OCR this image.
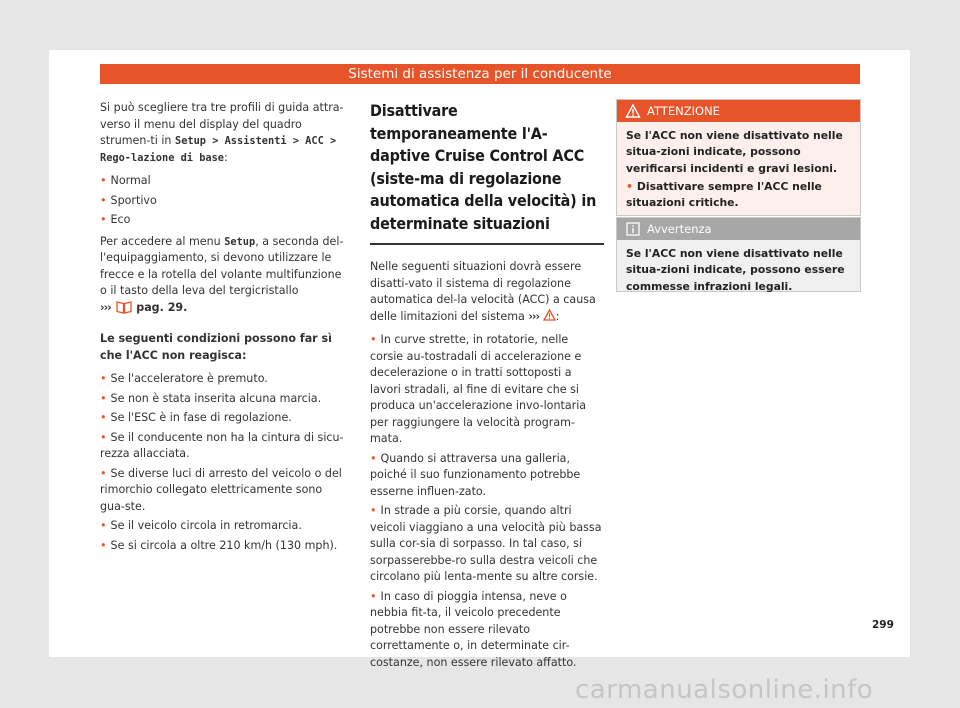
Sistemi di assistenza per il conducente

Si può scegliere tra tre profili di guida attra-verso il menu del display del quadro strumen-ti in Setup > Assistenti > ACC > Rego-lazione di base:

• Normal
• Sportivo
• Eco

Per accedere al menu Setup, a seconda del-l'equipaggiamento, si devono utilizzare le frecce e la rotella del volante multifunzione o il tasto della leva del tergicristallo
››› pag. 29.

Le seguenti condizioni possono far sì che l'ACC non reagisca:

• Se l'acceleratore è premuto.
• Se non è stata inserita alcuna marcia.
• Se l'ESC è in fase di regolazione.
• Se il conducente non ha la cintura di sicu-rezza allacciata.
• Se diverse luci di arresto del veicolo o del rimorchio collegato elettricamente sono gua-ste.
• Se il veicolo circola in retromarcia.
• Se si circola a oltre 210 km/h (130 mph).
Disattivare temporaneamente l'A-daptive Cruise Control ACC (siste-ma di regolazione automatica della velocità) in determinate situazioni

Nelle seguenti situazioni dovrà essere disatti-vato il sistema di regolazione automatica del-la velocità (ACC) a causa delle limitazioni del sistema ››› :

• In curve strette, in rotatorie, nelle corsie au-tostradali di accelerazione e decelerazione o in tratti sottoposti a lavori stradali, al fine di evitare che si produca un'accelerazione invo-lontaria per raggiungere la velocità program-mata.
• Quando si attraversa una galleria, poiché il suo funzionamento potrebbe esserne influen-zato.
• In strade a più corsie, quando altri veicoli viaggiano a una velocità più bassa sulla cor-sia di sorpasso. In tal caso, si sorpasserebbe-ro sulla destra veicoli che circolano più lenta-mente su altre corsie.
• In caso di pioggia intensa, neve o nebbia fit-ta, il veicolo precedente potrebbe non essere rilevato correttamente o, in determinate cir-costanze, non essere rilevato affatto.
ATTENZIONE

Se l'ACC non viene disattivato nelle situa-zioni indicate, possono verificarsi incidenti e gravi lesioni.

• Disattivare sempre l'ACC nelle situazioni critiche.

Avvertenza

Se l'ACC non viene disattivato nelle situa-zioni indicate, possono essere commesse infrazioni legali.

299
carmanualsonline.info
